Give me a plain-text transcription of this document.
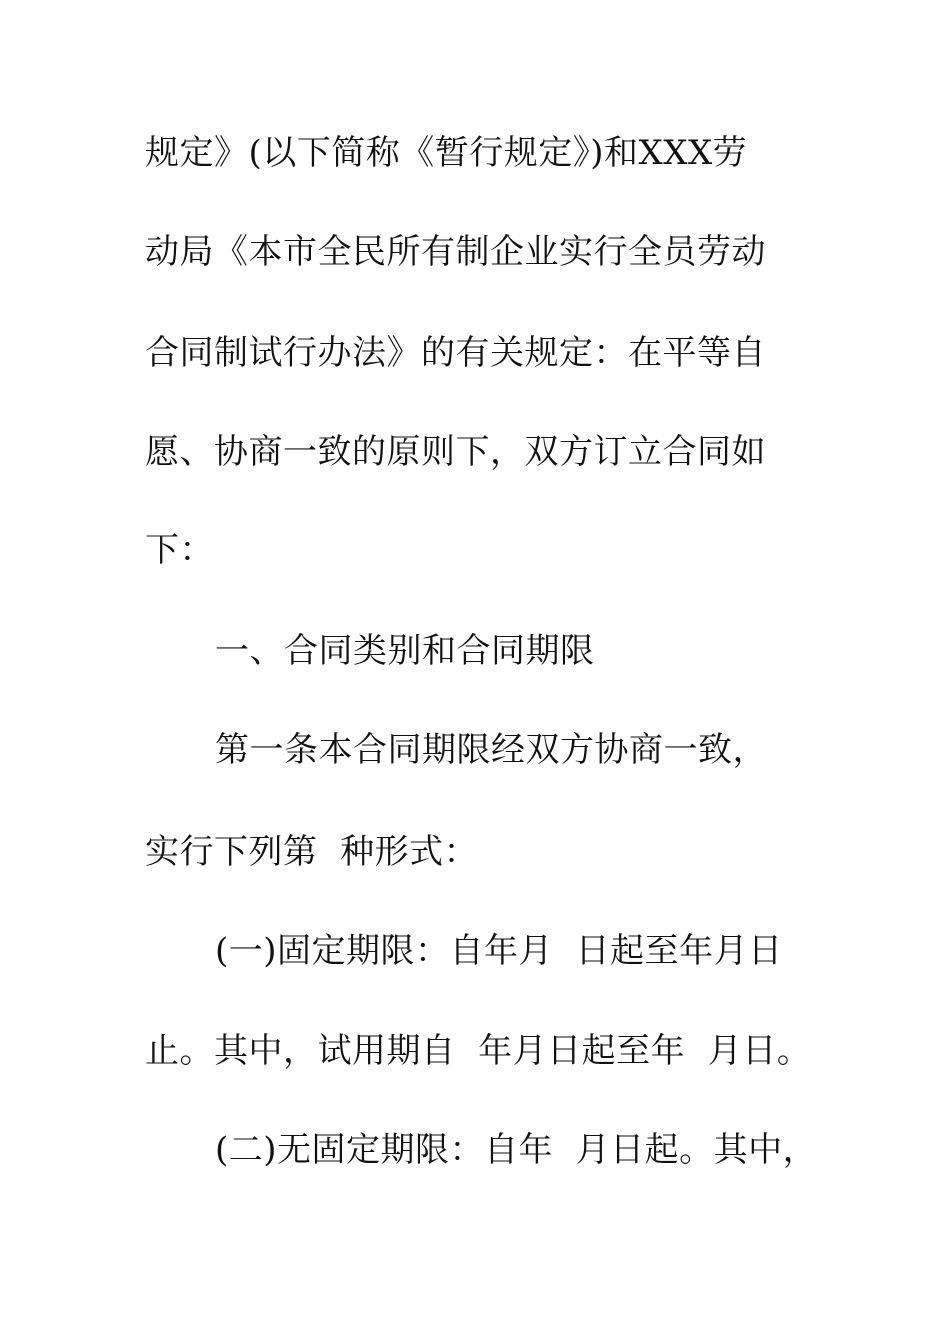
规定》(以下简称《暂行规定》)和XXX劳
动局《本市全民所有制企业实行全员劳动
合同制试行办法》的有关规定：在平等自
愿、协商一致的原则下，双方订立合同如
下：
一、合同类别和合同期限
第一条本合同期限经双方协商一致，
实行下列第  种形式：
(一)固定期限：自年月  日起至年月日
止。其中，试用期自  年月日起至年  月日。
(二)无固定期限：自年  月日起。其中，
